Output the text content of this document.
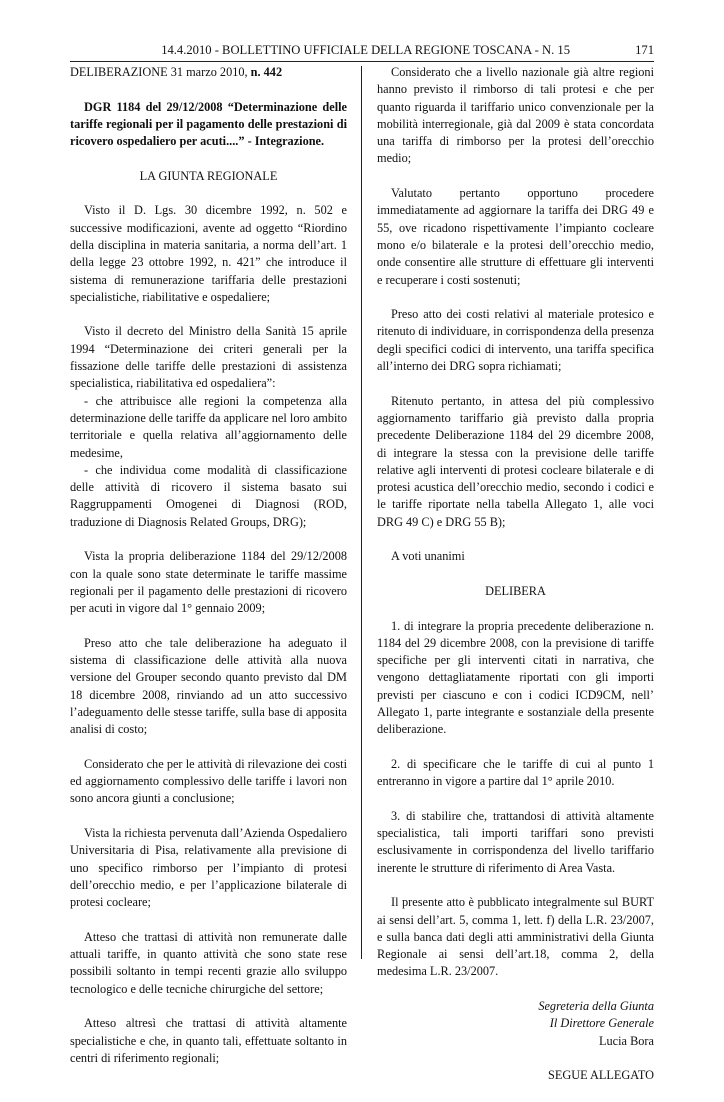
14.4.2010 - BOLLETTINO UFFICIALE DELLA REGIONE TOSCANA - N. 15	171

DELIBERAZIONE 31 marzo 2010, n. 442

DGR 1184 del 29/12/2008 “Determinazione delle tariffe regionali per il pagamento delle prestazioni di ricovero ospedaliero per acuti....” - Integrazione.

LA GIUNTA REGIONALE

Visto il D. Lgs. 30 dicembre 1992, n. 502 e successive modificazioni, avente ad oggetto “Riordino della disciplina in materia sanitaria, a norma dell’art. 1 della legge 23 ottobre 1992, n. 421” che introduce il sistema di remunerazione tariffaria delle prestazioni specialistiche, riabilitative e ospedaliere;

Visto il decreto del Ministro della Sanità 15 aprile 1994 “Determinazione dei criteri generali per la fissazione delle tariffe delle prestazioni di assistenza specialistica, riabilitativa ed ospedaliera”:

- che attribuisce alle regioni la competenza alla determinazione delle tariffe da applicare nel loro ambito territoriale e quella relativa all’aggiornamento delle medesime,

- che individua come modalità di classificazione delle attività di ricovero il sistema basato sui Raggruppamenti Omogenei di Diagnosi (ROD, traduzione di Diagnosis Related Groups, DRG);

Vista la propria deliberazione 1184 del 29/12/2008 con la quale sono state determinate le tariffe massime regionali per il pagamento delle prestazioni di ricovero per acuti in vigore dal 1° gennaio 2009;

Preso atto che tale deliberazione ha adeguato il sistema di classificazione delle attività alla nuova versione del Grouper secondo quanto previsto dal DM 18 dicembre 2008, rinviando ad un atto successivo l’adeguamento delle stesse tariffe, sulla base di apposita analisi di costo;

Considerato che per le attività di rilevazione dei costi ed aggiornamento complessivo delle tariffe i lavori non sono ancora giunti a conclusione;

Vista la richiesta pervenuta dall’Azienda Ospedaliero Universitaria di Pisa, relativamente alla previsione di uno specifico rimborso per l’impianto di protesi dell’orecchio medio, e per l’applicazione bilaterale di protesi cocleare;

Atteso che trattasi di attività non remunerate dalle attuali tariffe, in quanto attività che sono state rese possibili soltanto in tempi recenti grazie allo sviluppo tecnologico e delle tecniche chirurgiche del settore;

Atteso altresì che trattasi di attività altamente specialistiche e che, in quanto tali, effettuate soltanto in centri di riferimento regionali;

Considerato che a livello nazionale già altre regioni hanno previsto il rimborso di tali protesi e che per quanto riguarda il tariffario unico convenzionale per la mobilità interregionale, già dal 2009 è stata concordata una tariffa di rimborso per la protesi dell’orecchio medio;

Valutato pertanto opportuno procedere immediatamente ad aggiornare la tariffa dei DRG 49 e 55, ove ricadono rispettivamente l’impianto cocleare mono e/o bilaterale e la protesi dell’orecchio medio, onde consentire alle strutture di effettuare gli interventi e recuperare i costi sostenuti;

Preso atto dei costi relativi al materiale protesico e ritenuto di individuare, in corrispondenza della presenza degli specifici codici di intervento, una tariffa specifica all’interno dei DRG sopra richiamati;

Ritenuto pertanto, in attesa del più complessivo aggiornamento tariffario già previsto dalla propria precedente Deliberazione 1184 del 29 dicembre 2008, di integrare la stessa con la previsione delle tariffe relative agli interventi di protesi cocleare bilaterale e di protesi acustica dell’orecchio medio, secondo i codici e le tariffe riportate nella tabella Allegato 1, alle voci DRG 49 C) e DRG 55 B);

A voti unanimi

DELIBERA

1. di integrare la propria precedente deliberazione n. 1184 del 29 dicembre 2008, con la previsione di tariffe specifiche per gli interventi citati in narrativa, che vengono dettagliatamente riportati con gli importi previsti per ciascuno e con i codici ICD9CM, nell’ Allegato 1, parte integrante e sostanziale della presente deliberazione.

2. di specificare che le tariffe di cui al punto 1 entreranno in vigore a partire dal 1° aprile 2010.

3. di stabilire che, trattandosi di attività altamente specialistica, tali importi tariffari sono previsti esclusivamente in corrispondenza del livello tariffario inerente le strutture di riferimento di Area Vasta.

Il presente atto è pubblicato integralmente sul BURT ai sensi dell’art. 5, comma 1, lett. f) della L.R. 23/2007, e sulla banca dati degli atti amministrativi della Giunta Regionale ai sensi dell’art.18, comma 2, della medesima L.R. 23/2007.

Segreteria della Giunta

Il Direttore Generale

Lucia Bora

SEGUE ALLEGATO
